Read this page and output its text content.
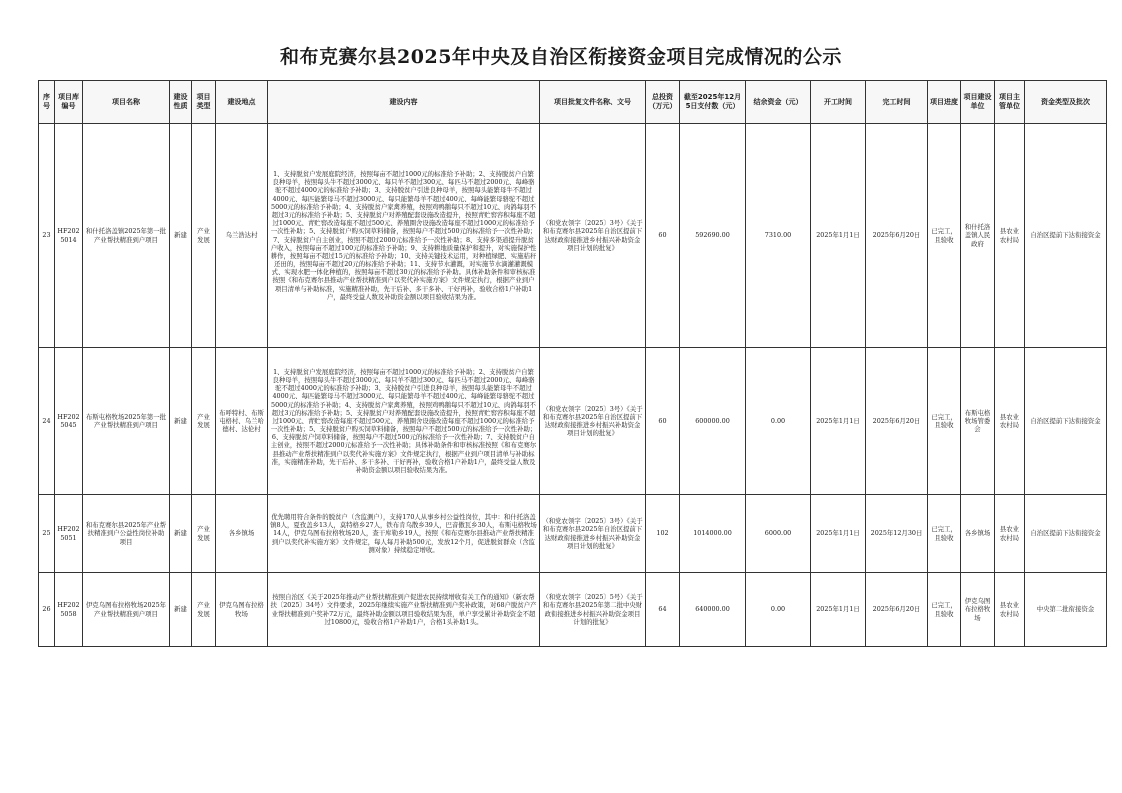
和布克赛尔县2025年中央及自治区衔接资金项目完成情况的公示
序号	项目库编号	项目名称	建设性质	项目类型	建设地点	建设内容	项目批复文件名称、文号	总投资（万元）	截至2025年12月5日支付数（元）	结余资金（元）	开工时间	完工时间	项目进度	项目建设单位	项目主管单位	资金类型及批次
23	HF2025014	和什托洛盖镇2025年第一批产业帮扶精准到户项目	新建	产业发展	乌兰浩达村	1、支持脱贫户发展庭院经济，按照每亩不超过1000元的标准给予补助；2、支持脱贫户自繁良种母羊，按照每头牛不超过3000元、每只羊不超过300元、每匹马不超过2000元、每峰骆驼不超过4000元的标准给予补助；3、支持脱贫户引进良种母羊，按照每头能繁母牛不超过4000元、每匹能繁母马不超过3000元、每只能繁母羊不超过400元、每峰能繁母骆驼不超过5000元的标准给予补助；4、支持脱贫户家禽养殖，按照鸡鸭鹅每只不超过10元、肉鸽每羽不超过3元的标准给予补助；5、支持脱贫户对养殖配套设施改造提升，按照青贮窖容积每座不超过1000元、青贮窖改造每座不超过500元、养殖圈舍设施改造每座不超过1000元的标准给予一次性补助；5、支持脱贫户购买饲草料储备，按照每户不超过500元的标准给予一次性补助；7、支持脱贫户自主创业，按照不超过2000元标准给予一次性补助；8、支持多渠道提升脱贫户收入，按照每亩不超过100元的标准给予补助；9、支持耕地质量保护和提升，对实施保护性耕作，按照每亩不超过15元的标准给予补助；10、支持关键技术运用，对种植绿肥、实施秸秆还田的，按照每亩不超过20元的标准给予补助；11、支持节水灌溉，对实施节水滴灌灌溉模式、实现水肥一体化种植的，按照每亩不超过30元的标准给予补助。具体补助条件和审核标准按照《和布克赛尔县推动产业帮扶精准到户以奖代补实施方案》文件规定执行，根据产业到户项目清单与补助标准，实施精准补助，先干后补、多干多补、干好再补，验收合格1户补助1户，最终受益人数及补助资金额以项目验收结果为准。	（和党农领字〔2025〕3号）《关于和布克赛尔县2025年自治区提前下达财政衔接推进乡村振兴补助资金项目计划的批复》	60	592690.00	7310.00	2025年1月1日	2025年6月20日	已完工，且验收	和什托洛盖镇人民政府	县农业农村局	自治区提前下达衔接资金
24	HF2025045	布斯屯格牧场2025年第一批产业帮扶精准到户项目	新建	产业发展	布呼特村、布斯屯格村、乌兰哈德村、达伦村	1、支持脱贫户发展庭院经济，按照每亩不超过1000元的标准给予补助；2、支持脱贫户自繁良种母羊，按照每头牛不超过3000元、每只羊不超过300元、每匹马不超过2000元、每峰骆驼不超过4000元的标准给予补助；3、支持脱贫户引进良种母羊，按照每头能繁母牛不超过4000元、每匹能繁母马不超过3000元、每只能繁母羊不超过400元、每峰能繁母骆驼不超过5000元的标准给予补助；4、支持脱贫户家禽养殖，按照鸡鸭鹅每只不超过10元、肉鸽每羽不超过3元的标准给予补助；5、支持脱贫户对养殖配套设施改造提升，按照青贮窖容积每座不超过1000元、青贮窖改造每座不超过500元、养殖圈舍设施改造每座不超过1000元的标准给予一次性补助；5、支持脱贫户购买饲草料储备，按照每户不超过500元的标准给予一次性补助；6、支持脱贫户饲草料储备，按照每户不超过500元的标准给予一次性补助；7、支持脱贫户自主创业，按照不超过2000元标准给予一次性补助；具体补助条件和审核标准按照《和布克赛尔县推动产业帮扶精准到户以奖代补实施方案》文件规定执行，根据产业到户项目清单与补助标准，实施精准补助，先干后补、多干多补、干好再补，验收合格1户补助1户，最终受益人数及补助资金额以项目验收结果为准。	（和党农领字〔2025〕3号）《关于和布克赛尔县2025年自治区提前下达财政衔接推进乡村振兴补助资金项目计划的批复》	60	600000.00	0.00	2025年1月1日	2025年6月20日	已完工，且验收	布斯屯格牧场管委会	县农业农村局	自治区提前下达衔接资金
25	HF2025051	和布克赛尔县2025年产业帮扶精准到户公益性岗位补助项目	新建	产业发展	各乡镇场	优先聘用符合条件的脱贫户（含监测户），支持170人从事乡村公益性岗位，其中：和什托洛盖镇8人，夏孜盖乡13人，莫特格乡27人，铁布肯乌散乡39人，巴音傲瓦乡30人，布斯屯格牧场14人，伊克乌图布拉格牧场20人，查干库勒乡19人，按照《和布克赛尔县推动产业帮扶精准到户以奖代补实施方案》文件规定，每人每月补助500元，发放12个月，促进脱贫群众（含监测对象）持续稳定增收。	（和党农领字〔2025〕3号）《关于和布克赛尔县2025年自治区提前下达财政衔接推进乡村振兴补助资金项目计划的批复》	102	1014000.00	6000.00	2025年1月1日	2025年12月30日	已完工，且验收	各乡镇场	县农业农村局	自治区提前下达衔接资金
26	HF2025058	伊克乌图布拉格牧场2025年产业帮扶精准到户项目	新建	产业发展	伊克乌图布拉格牧场	按照自治区《关于2025年推动产业帮扶精准到户促进农民持续增收有关工作的通知》（新农帮扶〔2025〕34号）文件要求，2025年继续实施产业帮扶精准到户奖补政策，对68户脱贫户产业帮扶精准到户奖补72万元，最终补助金额以项目验收结果为准，单户享受累计补助资金不超过10800元，验收合格1户补助1户，合格1头补助1头。	（和党农领字〔2025〕5号）《关于和布克赛尔县2025年第二批中央财政衔接推进乡村振兴补助资金项目计划的批复》	64	640000.00	0.00	2025年1月1日	2025年6月20日	已完工，且验收	伊克乌图布拉格牧场	县农业农村局	中央第二批衔接资金
